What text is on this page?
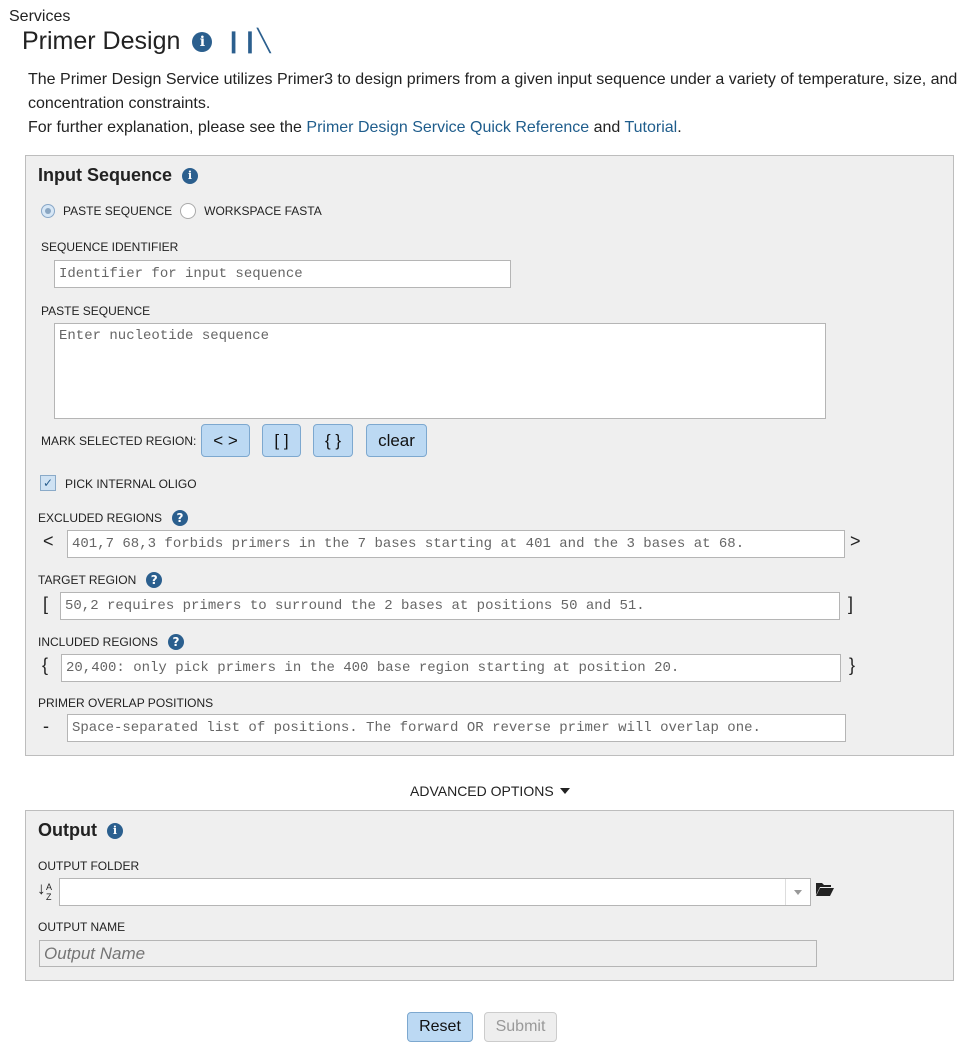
Services
Primer Design	i ❙❙╲
The Primer Design Service utilizes Primer3 to design primers from a given input sequence under a variety of temperature, size, and concentration constraints.
For further explanation, please see the Primer Design Service Quick Reference and Tutorial.
Input Sequence	i
PASTE SEQUENCE	WORKSPACE FASTA
SEQUENCE IDENTIFIER
Identifier for input sequence
PASTE SEQUENCE
Enter nucleotide sequence
MARK SELECTED REGION: < >	[ ]	{ }	clear
✓ PICK INTERNAL OLIGO
EXCLUDED REGIONS	?
<
401,7 68,3 forbids primers in the 7 bases starting at 401 and the 3 bases at 68.	>
TARGET REGION	?
[
50,2 requires primers to surround the 2 bases at positions 50 and 51.	]
INCLUDED REGIONS	?
{
20,400: only pick primers in the 400 base region starting at position 20.	}
PRIMER OVERLAP POSITIONS
-
Space-separated list of positions. The forward OR reverse primer will overlap one.
ADVANCED OPTIONS
Output	i
OUTPUT FOLDER
↓ A
Z
OUTPUT NAME
Output Name
Reset	Submit
